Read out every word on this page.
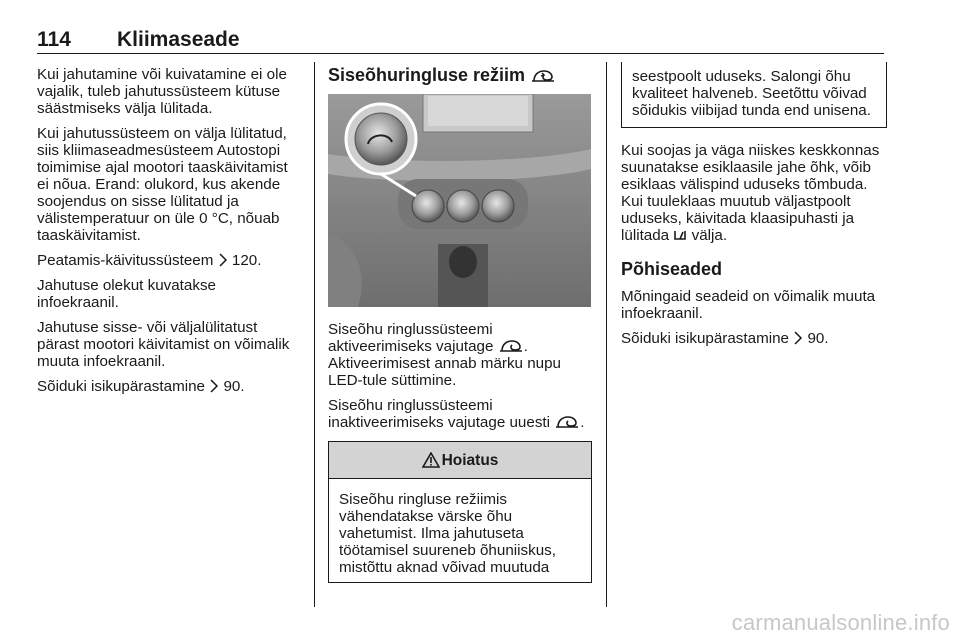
114 Kliimaseade

Kui jahutamine või kuivatamine ei ole vajalik, tuleb jahutussüsteem kütuse säästmiseks välja lülitada.

Kui jahutussüsteem on välja lülitatud, siis kliimaseadmesüsteem Autostopi toimimise ajal mootori taaskäivitamist ei nõua. Erand: olukord, kus akende soojendus on sisse lülitatud ja välistemperatuur on üle 0 °C, nõuab taaskäivitamist.

Peatamis-käivitussüsteem 120.

Jahutuse olekut kuvatakse infoekraanil.

Jahutuse sisse- või väljalülitatust pärast mootori käivitamist on võimalik muuta infoekraanil.

Sõiduki isikupärastamine 90.

Siseõhuringluse režiim

Siseõhu ringlussüsteemi aktiveerimiseks vajutage . Aktiveerimisest annab märku nupu LED-tule süttimine.

Siseõhu ringlussüsteemi inaktiveerimiseks vajutage uuesti .

Hoiatus
Siseõhu ringluse režiimis vähendatakse värske õhu vahetumist. Ilma jahutuseta töötamisel suureneb õhuniiskus, mistõttu aknad võivad muutuda
seestpoolt uduseks. Salongi õhu kvaliteet halveneb. Seetõttu võivad sõidukis viibijad tunda end unisena.

Kui soojas ja väga niiskes keskkonnas suunatakse esiklaasile jahe õhk, võib esiklaas välispind uduseks tõmbuda. Kui tuuleklaas muutub väljastpoolt uduseks, käivitada klaasipuhasti ja lülitada välja.

Põhiseaded

Mõningaid seadeid on võimalik muuta infoekraanil.

Sõiduki isikupärastamine 90.

carmanualsonline.info
